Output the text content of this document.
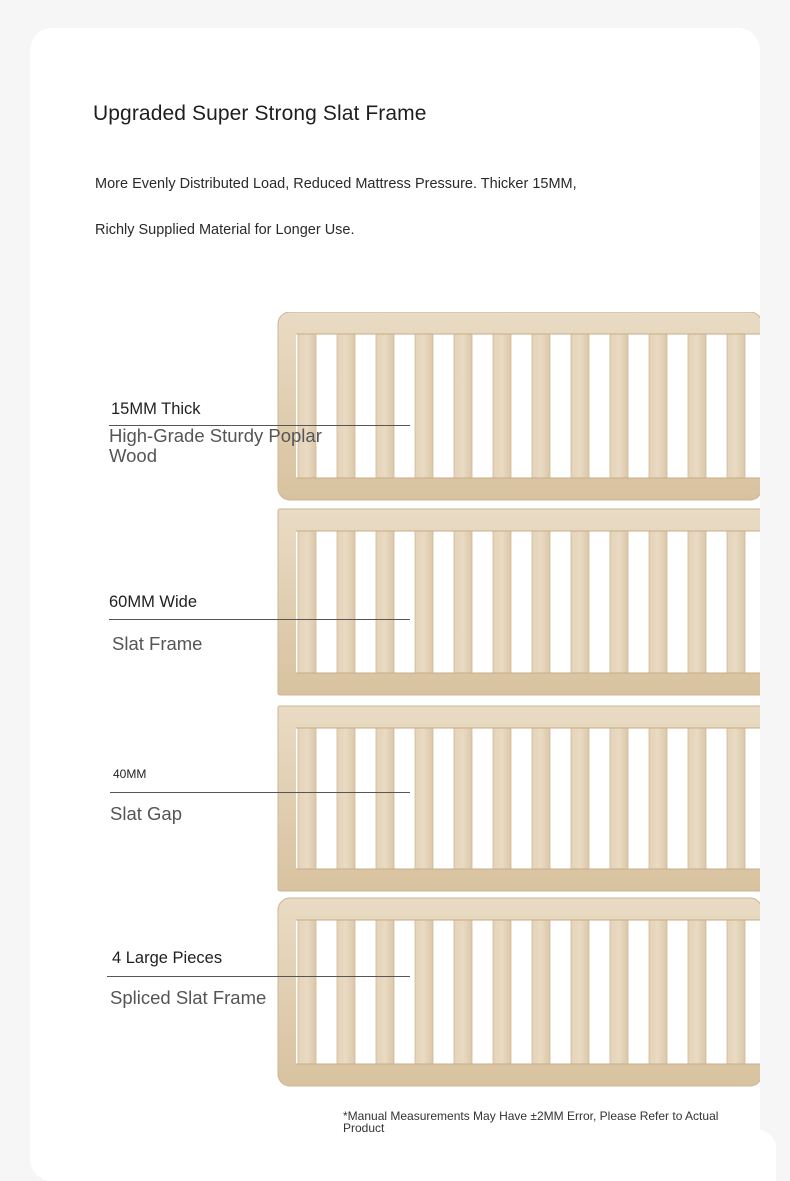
Upgraded Super Strong Slat Frame
More Evenly Distributed Load, Reduced Mattress Pressure. Thicker 15MM,
Richly Supplied Material for Longer Use.
15MM Thick
High-Grade Sturdy Poplar Wood
60MM Wide
Slat Frame
40MM
Slat Gap
4 Large Pieces
Spliced Slat Frame
*Manual Measurements May Have ±2MM Error, Please Refer to Actual Product
